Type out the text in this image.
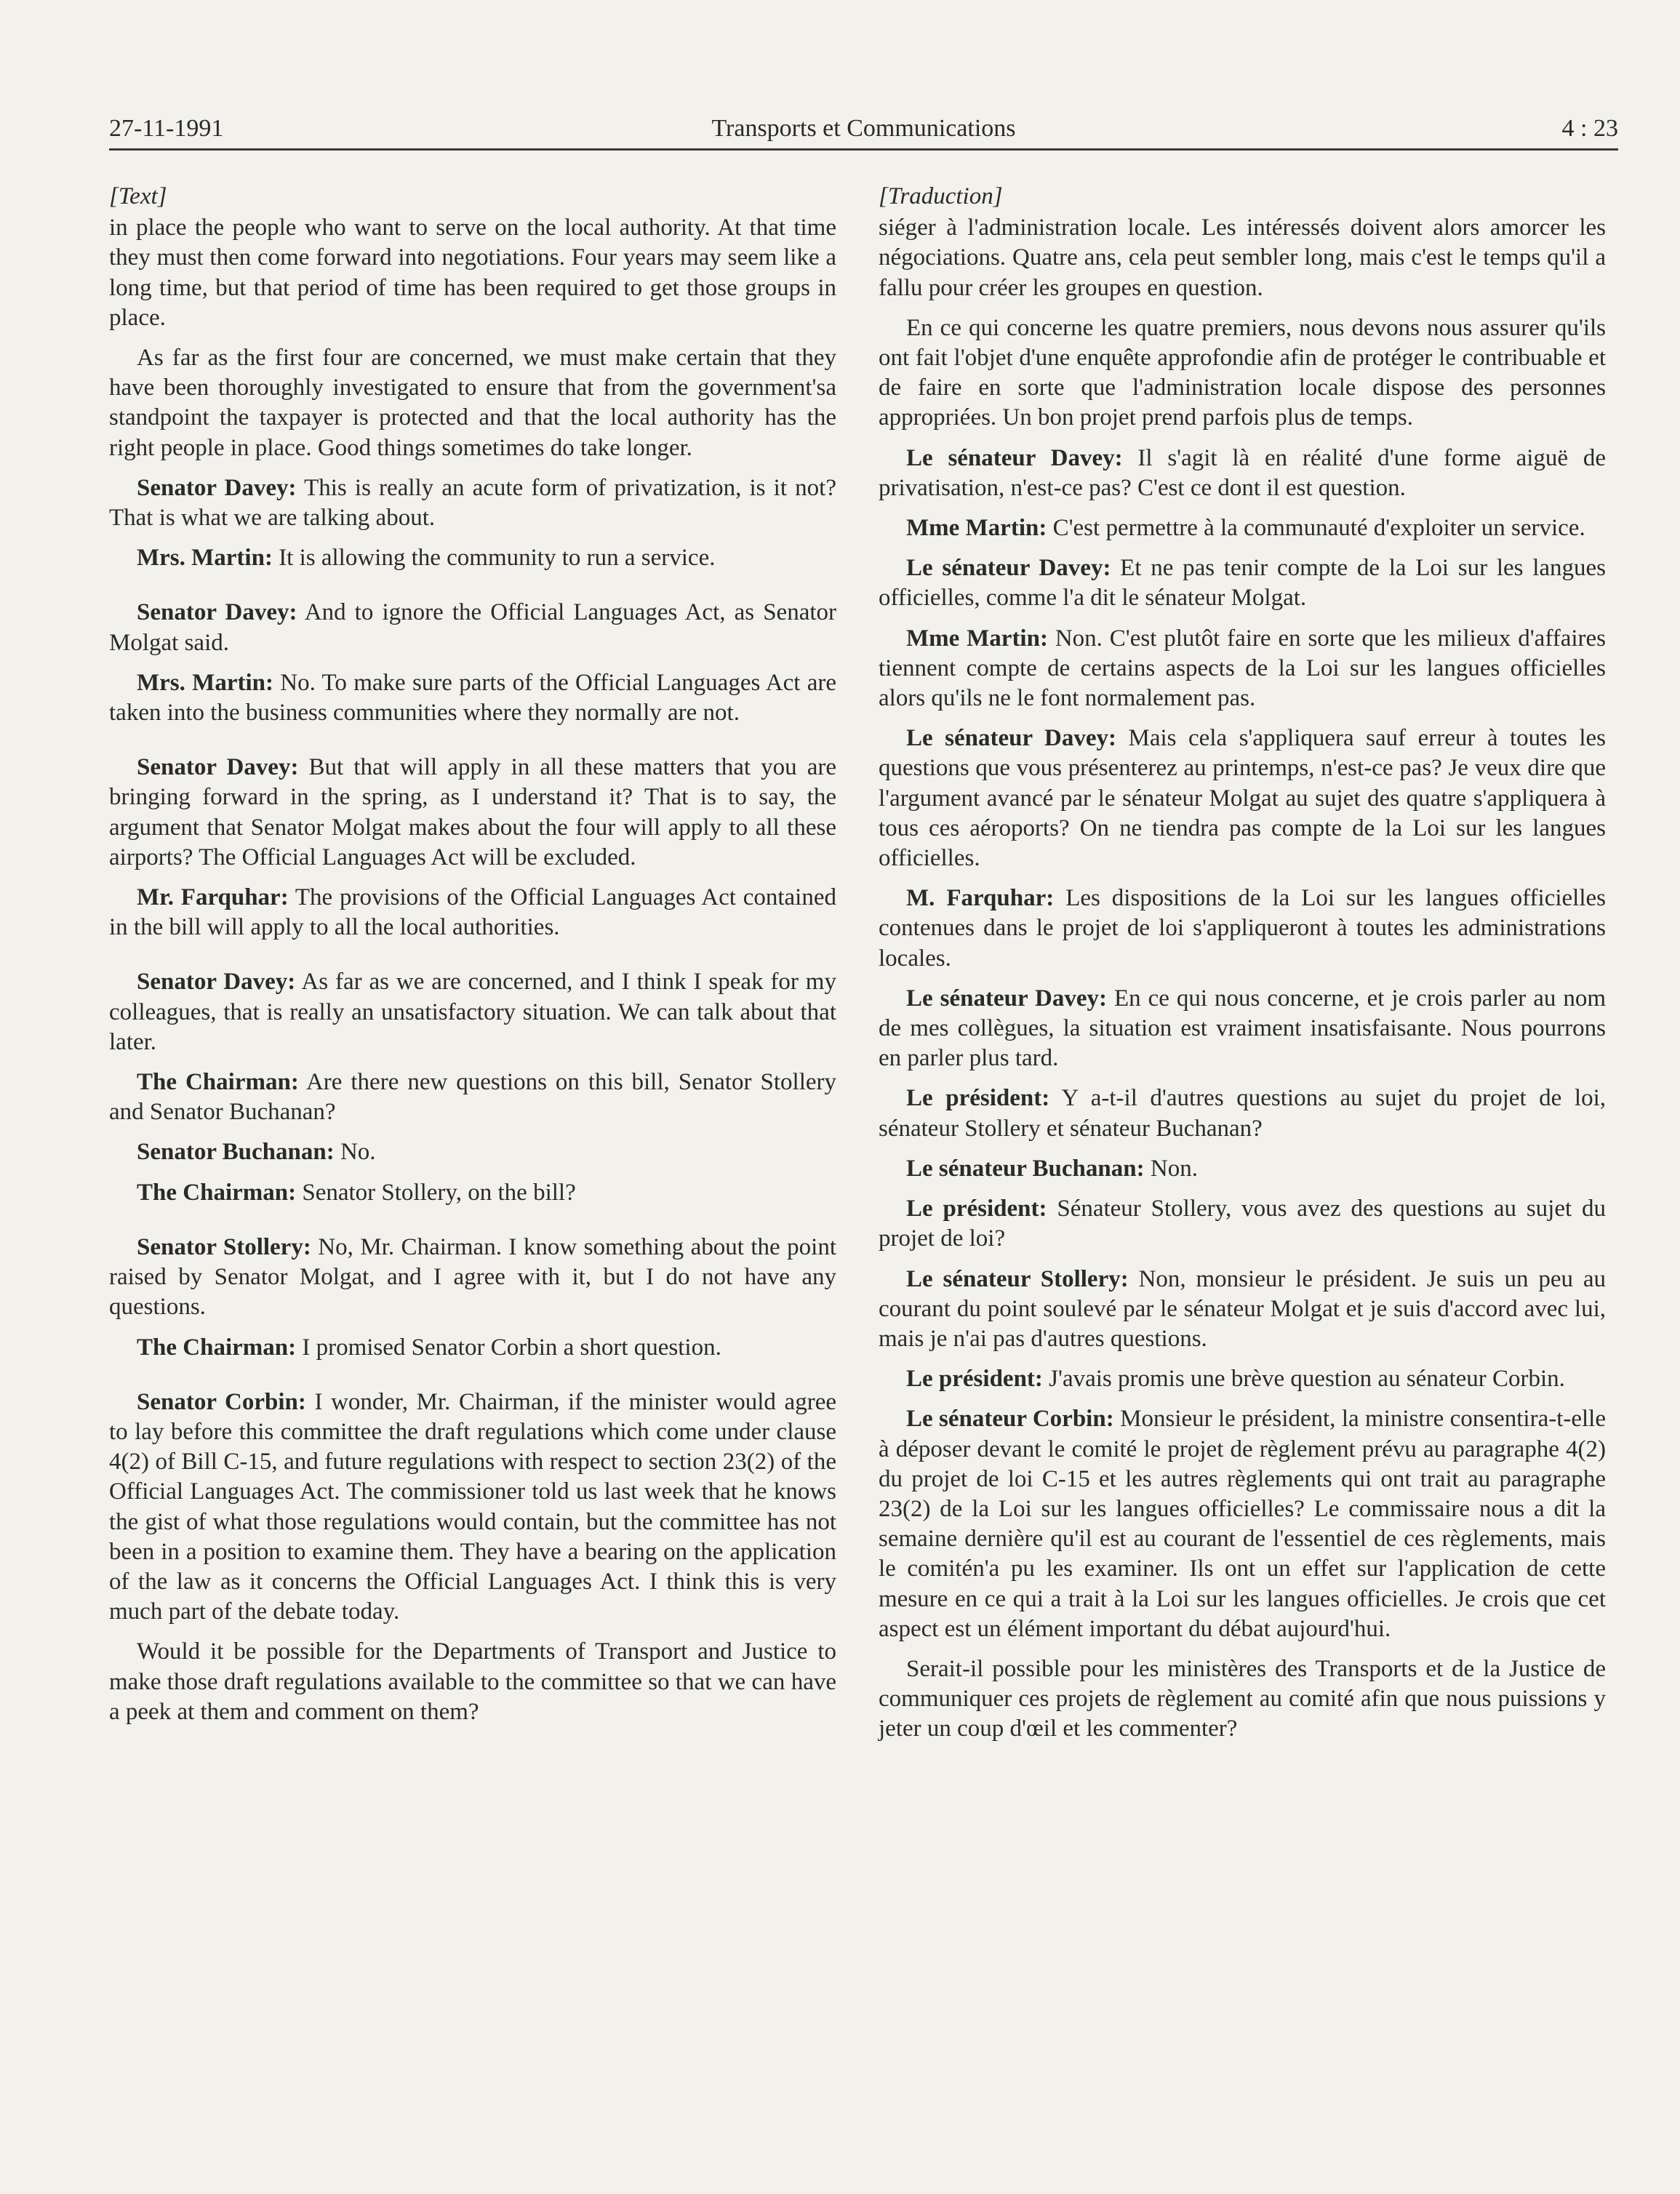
27-11-1991	Transports et Communications	4 : 23
[Text]

in place the people who want to serve on the local authority. At that time they must then come forward into negotiations. Four years may seem like a long time, but that period of time has been required to get those groups in place.

As far as the first four are concerned, we must make certain that they have been thoroughly investigated to ensure that from the government'sa standpoint the taxpayer is protected and that the local authority has the right people in place. Good things sometimes do take longer.

Senator Davey: This is really an acute form of privatization, is it not? That is what we are talking about.

Mrs. Martin: It is allowing the community to run a service.

Senator Davey: And to ignore the Official Languages Act, as Senator Molgat said.

Mrs. Martin: No. To make sure parts of the Official Languages Act are taken into the business communities where they normally are not.

Senator Davey: But that will apply in all these matters that you are bringing forward in the spring, as I understand it? That is to say, the argument that Senator Molgat makes about the four will apply to all these airports? The Official Languages Act will be excluded.

Mr. Farquhar: The provisions of the Official Languages Act contained in the bill will apply to all the local authorities.

Senator Davey: As far as we are concerned, and I think I speak for my colleagues, that is really an unsatisfactory situation. We can talk about that later.

The Chairman: Are there new questions on this bill, Senator Stollery and Senator Buchanan?

Senator Buchanan: No.

The Chairman: Senator Stollery, on the bill?

Senator Stollery: No, Mr. Chairman. I know something about the point raised by Senator Molgat, and I agree with it, but I do not have any questions.

The Chairman: I promised Senator Corbin a short question.

Senator Corbin: I wonder, Mr. Chairman, if the minister would agree to lay before this committee the draft regulations which come under clause 4(2) of Bill C-15, and future regulations with respect to section 23(2) of the Official Languages Act. The commissioner told us last week that he knows the gist of what those regulations would contain, but the committee has not been in a position to examine them. They have a bearing on the application of the law as it concerns the Official Languages Act. I think this is very much part of the debate today.

Would it be possible for the Departments of Transport and Justice to make those draft regulations available to the committee so that we can have a peek at them and comment on them?

[Traduction]

siéger à l'administration locale. Les intéressés doivent alors amorcer les négociations. Quatre ans, cela peut sembler long, mais c'est le temps qu'il a fallu pour créer les groupes en question.

En ce qui concerne les quatre premiers, nous devons nous assurer qu'ils ont fait l'objet d'une enquête approfondie afin de protéger le contribuable et de faire en sorte que l'administration locale dispose des personnes appropriées. Un bon projet prend parfois plus de temps.

Le sénateur Davey: Il s'agit là en réalité d'une forme aiguë de privatisation, n'est-ce pas? C'est ce dont il est question.

Mme Martin: C'est permettre à la communauté d'exploiter un service.

Le sénateur Davey: Et ne pas tenir compte de la Loi sur les langues officielles, comme l'a dit le sénateur Molgat.

Mme Martin: Non. C'est plutôt faire en sorte que les milieux d'affaires tiennent compte de certains aspects de la Loi sur les langues officielles alors qu'ils ne le font normalement pas.

Le sénateur Davey: Mais cela s'appliquera sauf erreur à toutes les questions que vous présenterez au printemps, n'est-ce pas? Je veux dire que l'argument avancé par le sénateur Molgat au sujet des quatre s'appliquera à tous ces aéroports? On ne tiendra pas compte de la Loi sur les langues officielles.

M. Farquhar: Les dispositions de la Loi sur les langues officielles contenues dans le projet de loi s'appliqueront à toutes les administrations locales.

Le sénateur Davey: En ce qui nous concerne, et je crois parler au nom de mes collègues, la situation est vraiment insatisfaisante. Nous pourrons en parler plus tard.

Le président: Y a-t-il d'autres questions au sujet du projet de loi, sénateur Stollery et sénateur Buchanan?

Le sénateur Buchanan: Non.

Le président: Sénateur Stollery, vous avez des questions au sujet du projet de loi?

Le sénateur Stollery: Non, monsieur le président. Je suis un peu au courant du point soulevé par le sénateur Molgat et je suis d'accord avec lui, mais je n'ai pas d'autres questions.

Le président: J'avais promis une brève question au sénateur Corbin.

Le sénateur Corbin: Monsieur le président, la ministre consentira-t-elle à déposer devant le comité le projet de règlement prévu au paragraphe 4(2) du projet de loi C-15 et les autres règlements qui ont trait au paragraphe 23(2) de la Loi sur les langues officielles? Le commissaire nous a dit la semaine dernière qu'il est au courant de l'essentiel de ces règlements, mais le comitén'a pu les examiner. Ils ont un effet sur l'application de cette mesure en ce qui a trait à la Loi sur les langues officielles. Je crois que cet aspect est un élément important du débat aujourd'hui.

Serait-il possible pour les ministères des Transports et de la Justice de communiquer ces projets de règlement au comité afin que nous puissions y jeter un coup d'œil et les commenter?
